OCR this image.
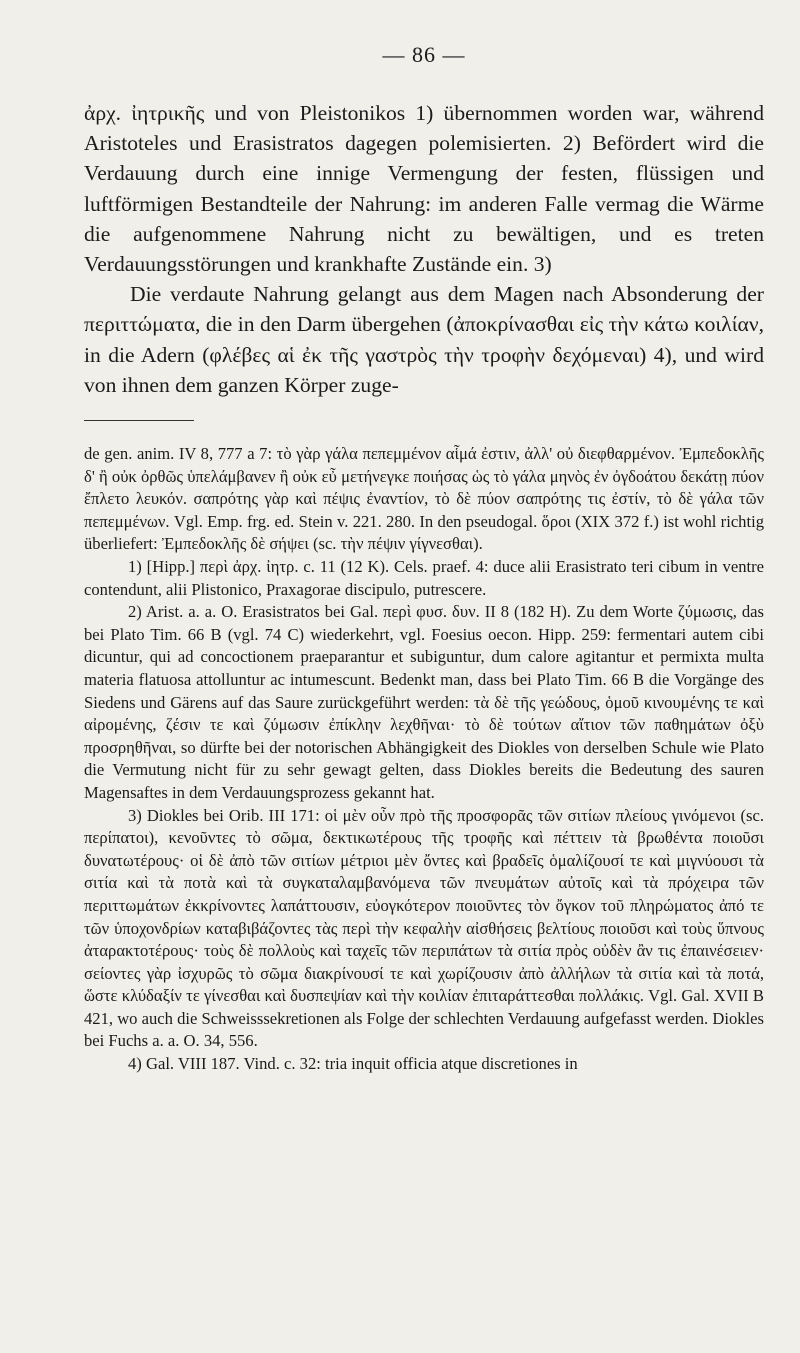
— 86 —

ἀρχ. ἰητρικῆς und von Pleistonikos 1) übernommen worden war, während Aristoteles und Erasistratos dagegen polemisierten. 2) Befördert wird die Verdauung durch eine innige Vermengung der festen, flüssigen und luftförmigen Bestandteile der Nahrung: im anderen Falle vermag die Wärme die aufgenommene Nahrung nicht zu bewältigen, und es treten Verdauungsstörungen und krankhafte Zustände ein. 3)

Die verdaute Nahrung gelangt aus dem Magen nach Absonderung der περιττώματα, die in den Darm übergehen (ἀποκρίνασθαι εἰς τὴν κάτω κοιλίαν, in die Adern (φλέβες αἱ ἐκ τῆς γαστρὸς τὴν τροφὴν δεχόμεναι) 4), und wird von ihnen dem ganzen Körper zuge-

de gen. anim. IV 8, 777 a 7: τὸ γὰρ γάλα πεπεμμένον αἷμά ἐστιν, ἀλλ' οὐ διεφθαρμένον. Ἐμπεδοκλῆς δ' ἢ οὐκ ὀρθῶς ὑπελάμβανεν ἢ οὐκ εὖ μετήνεγκε ποιήσας ὡς τὸ γάλα μηνὸς ἐν ὀγδοάτου δεκάτῃ πύον ἔπλετο λευκόν. σαπρότης γὰρ καὶ πέψις ἐναντίον, τὸ δὲ πύον σαπρότης τις ἐστίν, τὸ δὲ γάλα τῶν πεπεμμένων. Vgl. Emp. frg. ed. Stein v. 221. 280. In den pseudogal. ὅροι (XIX 372 f.) ist wohl richtig überliefert: Ἐμπεδοκλῆς δὲ σήψει (sc. τὴν πέψιν γίγνεσθαι).

1) [Hipp.] περὶ ἀρχ. ἰητρ. c. 11 (12 K). Cels. praef. 4: duce alii Erasistrato teri cibum in ventre contendunt, alii Plistonico, Praxagorae discipulo, putrescere.

2) Arist. a. a. O. Erasistratos bei Gal. περὶ φυσ. δυν. II 8 (182 H). Zu dem Worte ζύμωσις, das bei Plato Tim. 66 B (vgl. 74 C) wiederkehrt, vgl. Foesius oecon. Hipp. 259: fermentari autem cibi dicuntur, qui ad concoctionem praeparantur et subiguntur, dum calore agitantur et permixta multa materia flatuosa attolluntur ac intumescunt. Bedenkt man, dass bei Plato Tim. 66 B die Vorgänge des Siedens und Gärens auf das Saure zurückgeführt werden: τὰ δὲ τῆς γεώδους, ὁμοῦ κινουμένης τε καὶ αἰρομένης, ζέσιν τε καὶ ζύμωσιν ἐπίκλην λεχθῆναι· τὸ δὲ τούτων αἴτιον τῶν παθημάτων ὀξὺ προσρηθῆναι, so dürfte bei der notorischen Abhängigkeit des Diokles von derselben Schule wie Plato die Vermutung nicht für zu sehr gewagt gelten, dass Diokles bereits die Bedeutung des sauren Magensaftes in dem Verdauungsprozess gekannt hat.

3) Diokles bei Orib. III 171: οἱ μὲν οὖν πρὸ τῆς προσφορᾶς τῶν σιτίων πλείους γινόμενοι (sc. περίπατοι), κενοῦντες τὸ σῶμα, δεκτικωτέρους τῆς τροφῆς καὶ πέττειν τὰ βρωθέντα ποιοῦσι δυνατωτέρους· οἱ δὲ ἀπὸ τῶν σιτίων μέτριοι μὲν ὄντες καὶ βραδεῖς ὁμαλίζουσί τε καὶ μιγνύουσι τὰ σιτία καὶ τὰ ποτὰ καὶ τὰ συγκαταλαμβανόμενα τῶν πνευμάτων αὐτοῖς καὶ τὰ πρόχειρα τῶν περιττωμάτων ἐκκρίνοντες λαπάττουσιν, εὐογκότερον ποιοῦντες τὸν ὄγκον τοῦ πληρώματος ἀπό τε τῶν ὑποχονδρίων καταβιβάζοντες τὰς περὶ τὴν κεφαλὴν αἰσθήσεις βελτίους ποιοῦσι καὶ τοὺς ὕπνους ἀταρακτοτέρους· τοὺς δὲ πολλοὺς καὶ ταχεῖς τῶν περιπάτων τὰ σιτία πρὸς οὐδὲν ἂν τις ἐπαινέσειεν· σείοντες γὰρ ἰσχυρῶς τὸ σῶμα διακρίνουσί τε καὶ χωρίζουσιν ἀπὸ ἀλλήλων τὰ σιτία καὶ τὰ ποτά, ὥστε κλύδαξίν τε γίνεσθαι καὶ δυσπεψίαν καὶ τὴν κοιλίαν ἐπιταράττεσθαι πολλάκις. Vgl. Gal. XVII B 421, wo auch die Schweisssekretionen als Folge der schlechten Verdauung aufgefasst werden. Diokles bei Fuchs a. a. O. 34, 556.

4) Gal. VIII 187. Vind. c. 32: tria inquit officia atque discretiones in
